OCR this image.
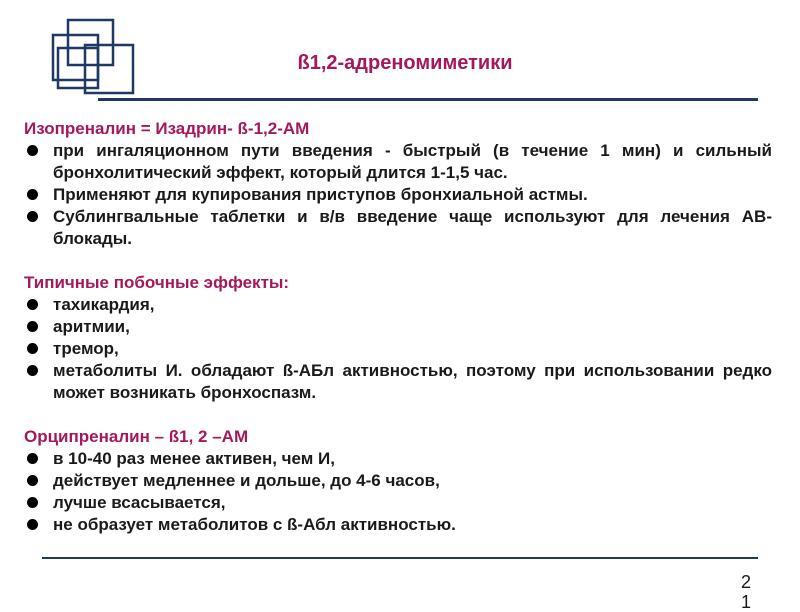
ß1,2-адреномиметики

Изопреналин = Изадрин- ß-1,2-АМ

при ингаляционном пути введения - быстрый (в течение 1 мин) и сильный бронхолитический эффект, который длится 1-1,5 час.
Применяют для купирования приступов бронхиальной астмы.
Сублингвальные таблетки и в/в введение чаще используют для лечения АВ-блокады.

Типичные побочные эффекты:

тахикардия,
аритмии,
тремор,
метаболиты И. обладают ß-АБл активностью, поэтому при использовании редко может возникать бронхоспазм.

Орципреналин – ß1, 2 –АМ

в 10-40 раз менее активен, чем И,
действует медленнее и дольше, до 4-6 часов,
лучше всасывается,
не образует метаболитов с ß-Абл активностью.
2
1
